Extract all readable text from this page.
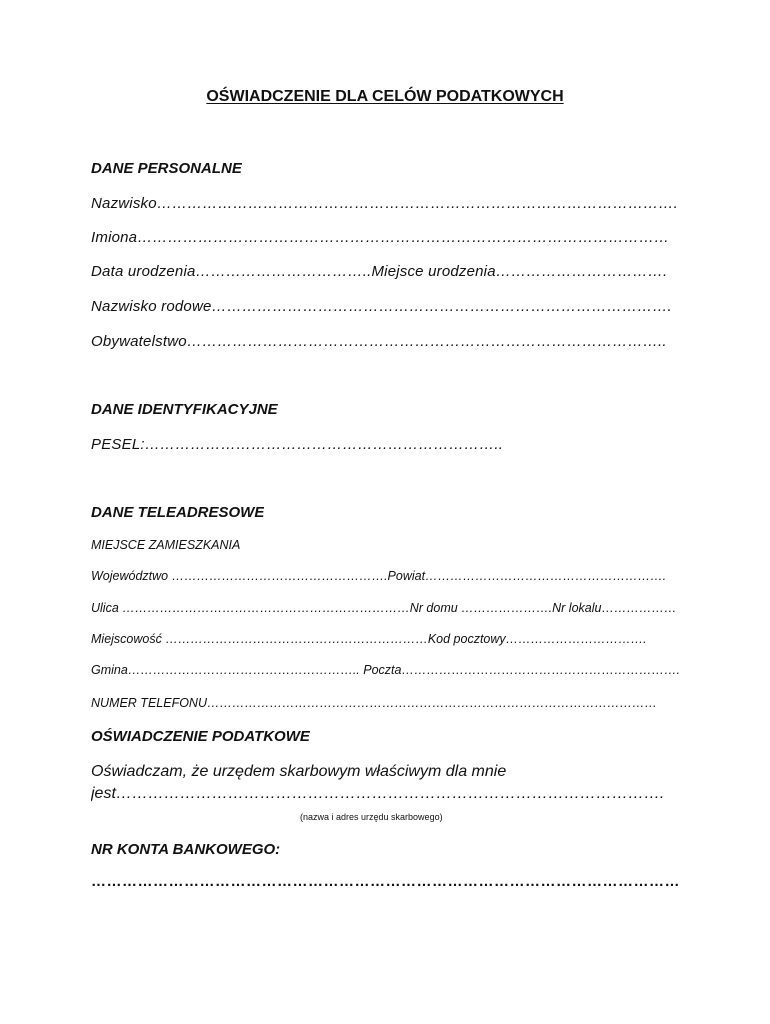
OŚWIADCZENIE DLA CELÓW PODATKOWYCH
DANE PERSONALNE
Nazwisko………………………………………………………………………………………….
Imiona……………………………………………………………………………………………
Data urodzenia……………………………..Miejsce urodzenia…………………………….
Nazwisko rodowe……………………………………………………………………………….
Obywatelstwo…………………………………………………………………………………..
DANE IDENTYFIKACYJNE
PESEL:……………………………………………………………..
DANE TELEADRESOWE
MIEJSCE ZAMIESZKANIA
Województwo …………………………………………….Powiat………………………………………………….
Ulica ……………………………………………………………Nr domu ………………….Nr lokalu………………
Miejscowość ………………………………………………………Kod pocztowy…………………………….
Gmina……………………………………………….. Poczta………………………………………………………….
NUMER TELEFONU………………………………………………………………………………………………
OŚWIADCZENIE PODATKOWE
Oświadczam, że urzędem skarbowym właściwym dla mnie
jest………………………………………………………………………………………….
(nazwa i adres urzędu skarbowego)
NR KONTA BANKOWEGO:
……………………………………………………………………………………………………
